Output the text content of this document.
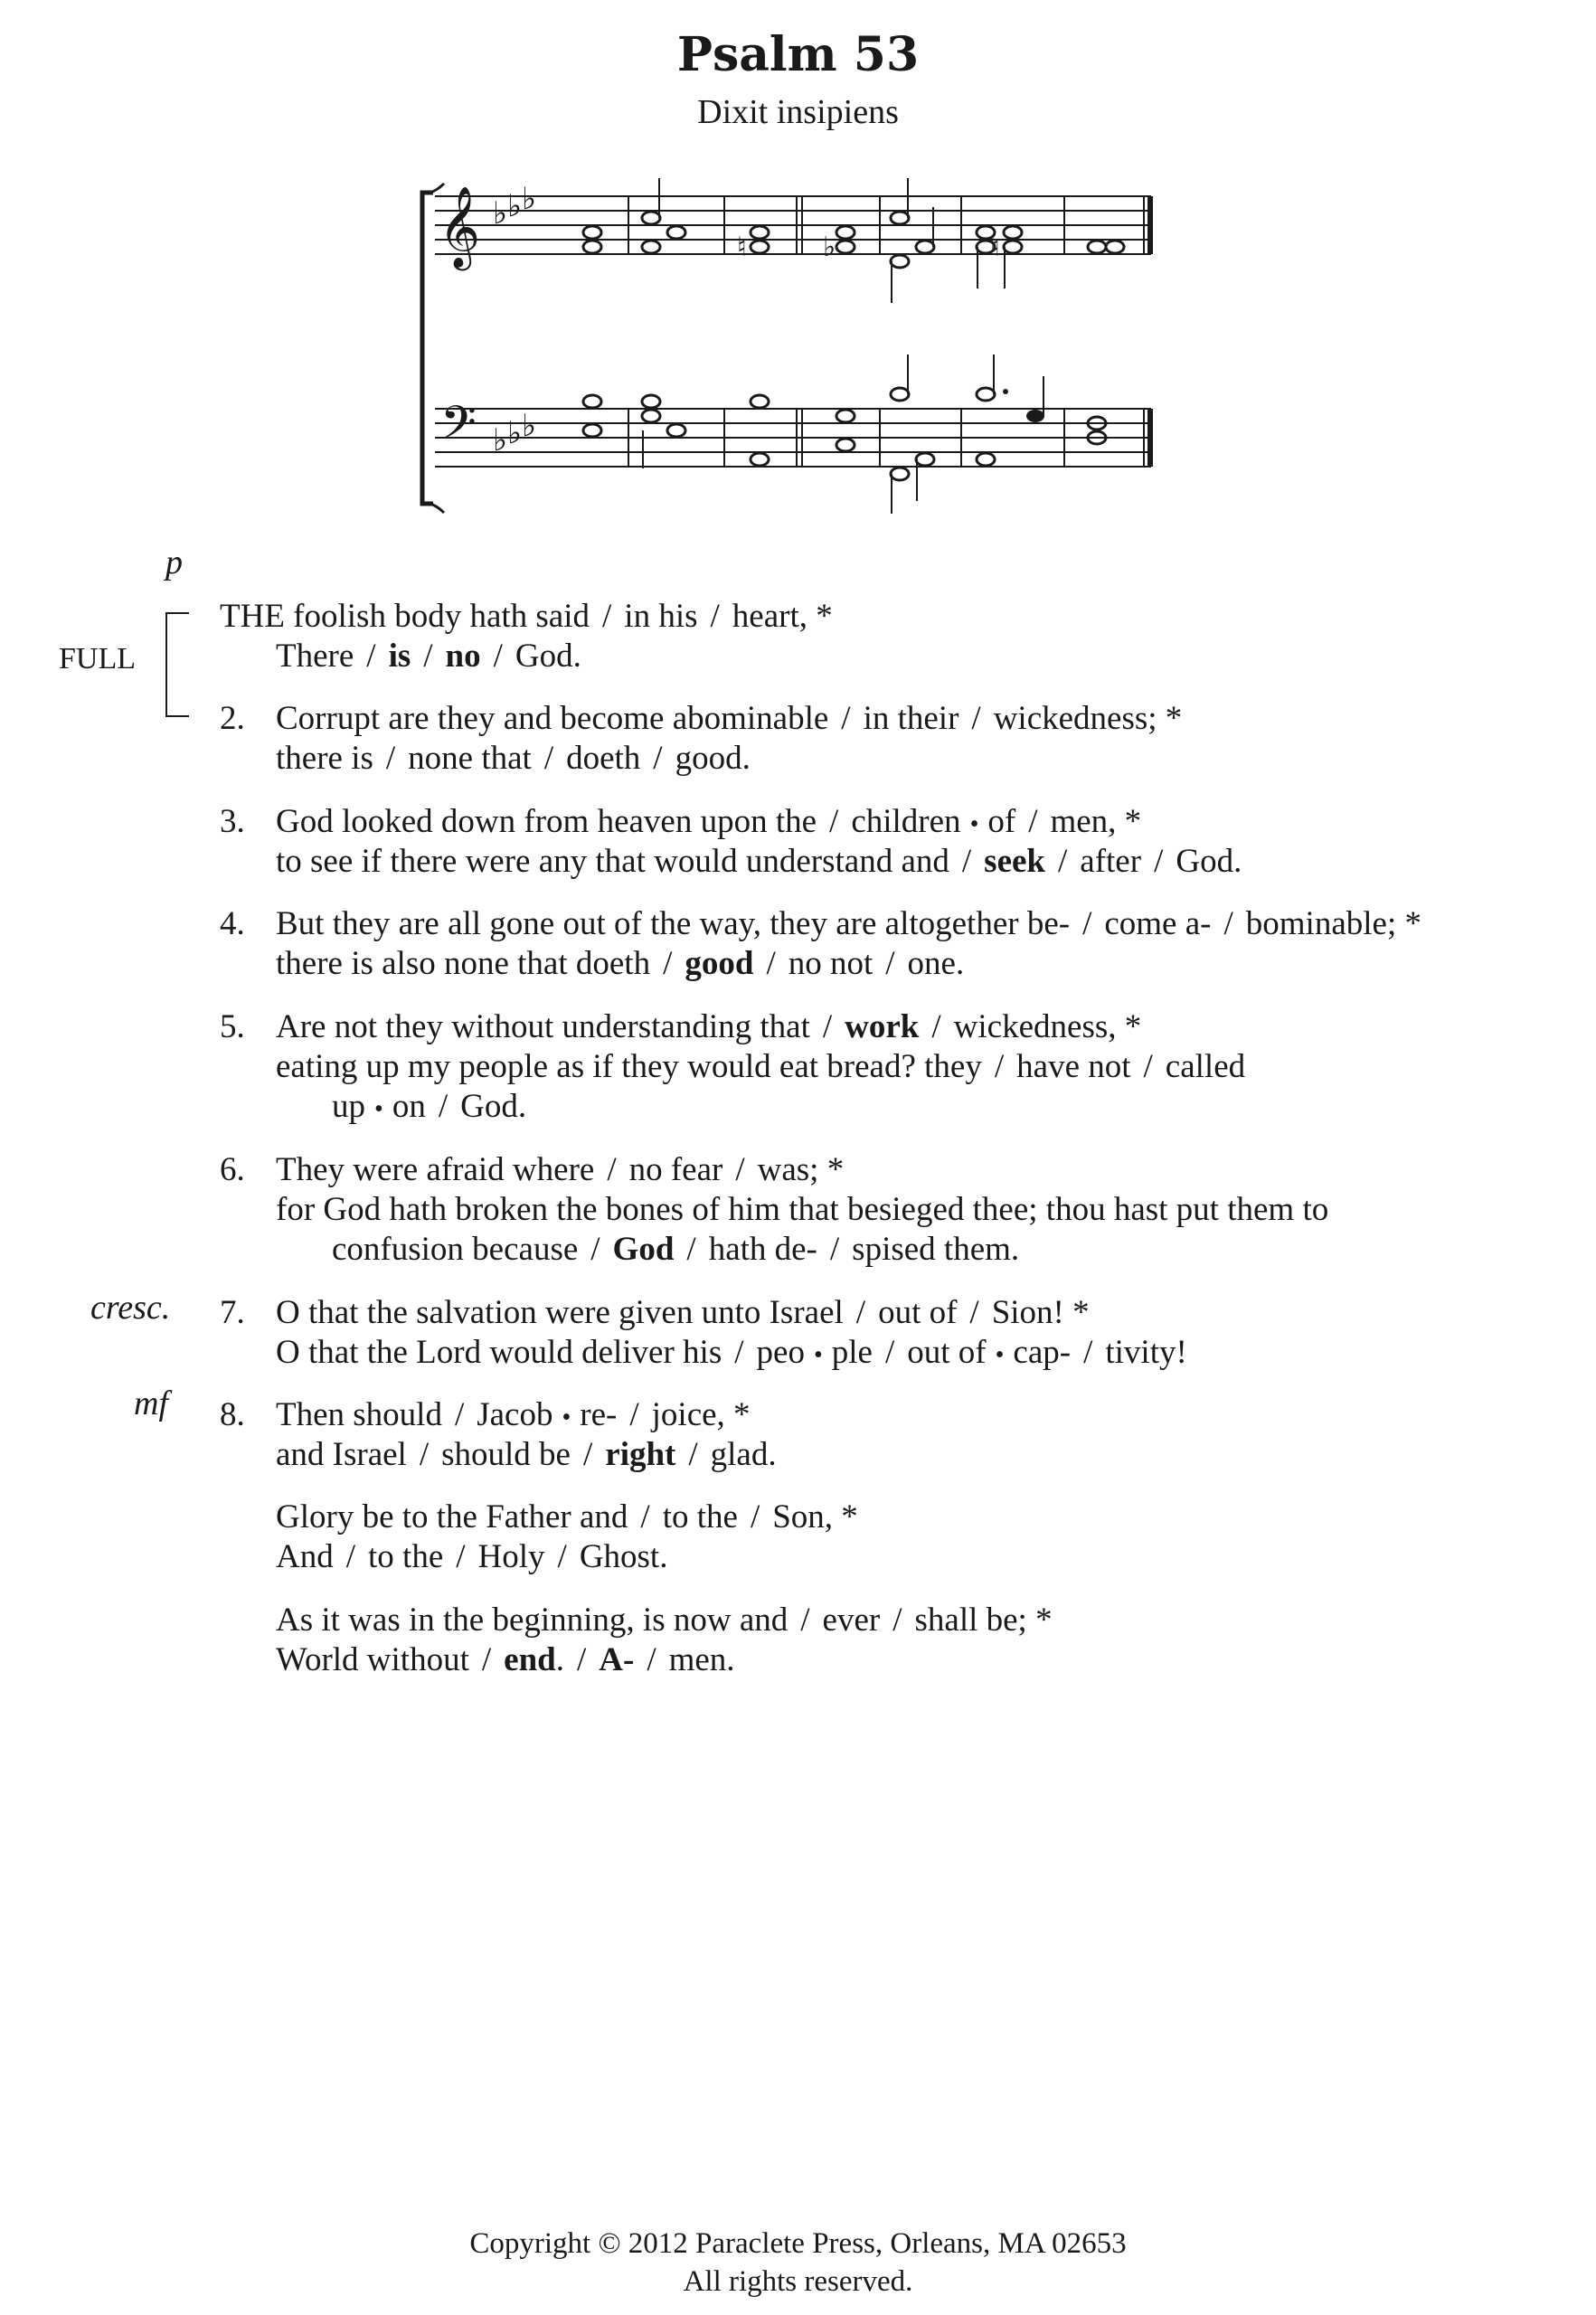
Psalm 53
Dixit insipiens
𝄞
𝄢
♭ ♭ ♭
♭ ♭ ♭
♮	♭	♮
p
FULL
cresc.
mf
THE foolish body hath said / in his / heart, *
There / is / no / God.
2. Corrupt are they and become abominable / in their / wickedness; *
there is / none that / doeth / good.
3. God looked down from heaven upon the / children • of / men, *
to see if there were any that would understand and / seek / after / God.
4. But they are all gone out of the way, they are altogether be- / come a- / bominable; *
there is also none that doeth / good / no not / one.
5. Are not they without understanding that / work / wickedness, *
eating up my people as if they would eat bread? they / have not / called
up • on / God.
6. They were afraid where / no fear / was; *
for God hath broken the bones of him that besieged thee; thou hast put them to
confusion because / God / hath de- / spised them.
7. O that the salvation were given unto Israel / out of / Sion! *
O that the Lord would deliver his / peo • ple / out of • cap- / tivity!
8. Then should / Jacob • re- / joice, *
and Israel / should be / right / glad.
Glory be to the Father and / to the / Son, *
And / to the / Holy / Ghost.
As it was in the beginning, is now and / ever / shall be; *
World without / end. / A- / men.
Copyright © 2012 Paraclete Press, Orleans, MA 02653
All rights reserved.
